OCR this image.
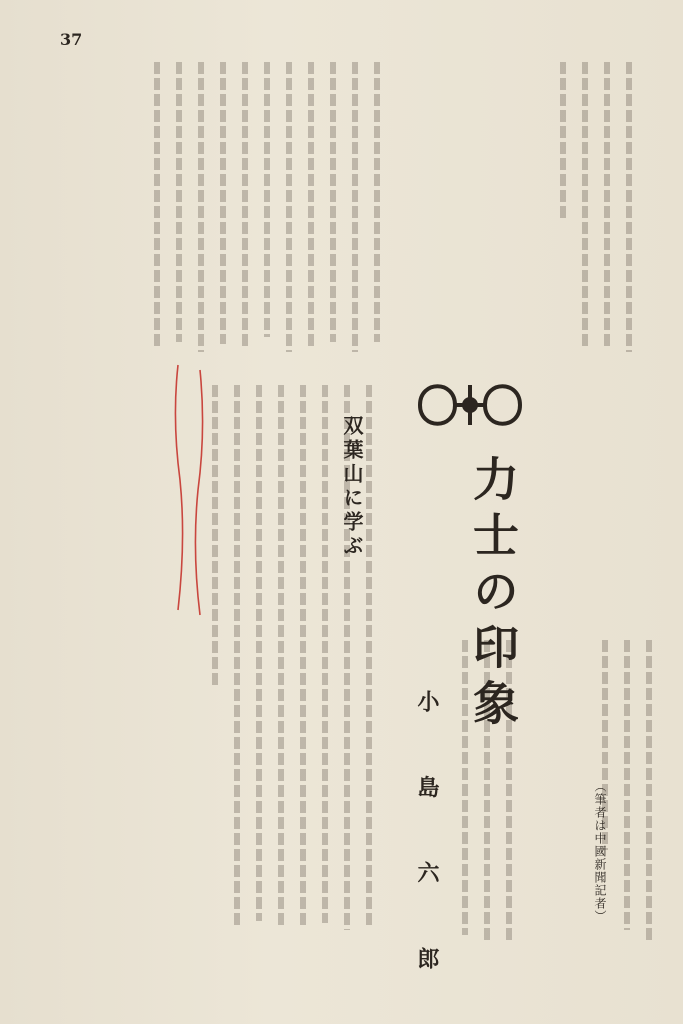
37
力士の印象
双葉山に学ぶ
小 島 六 郎	（筆者は中國新聞記者）
